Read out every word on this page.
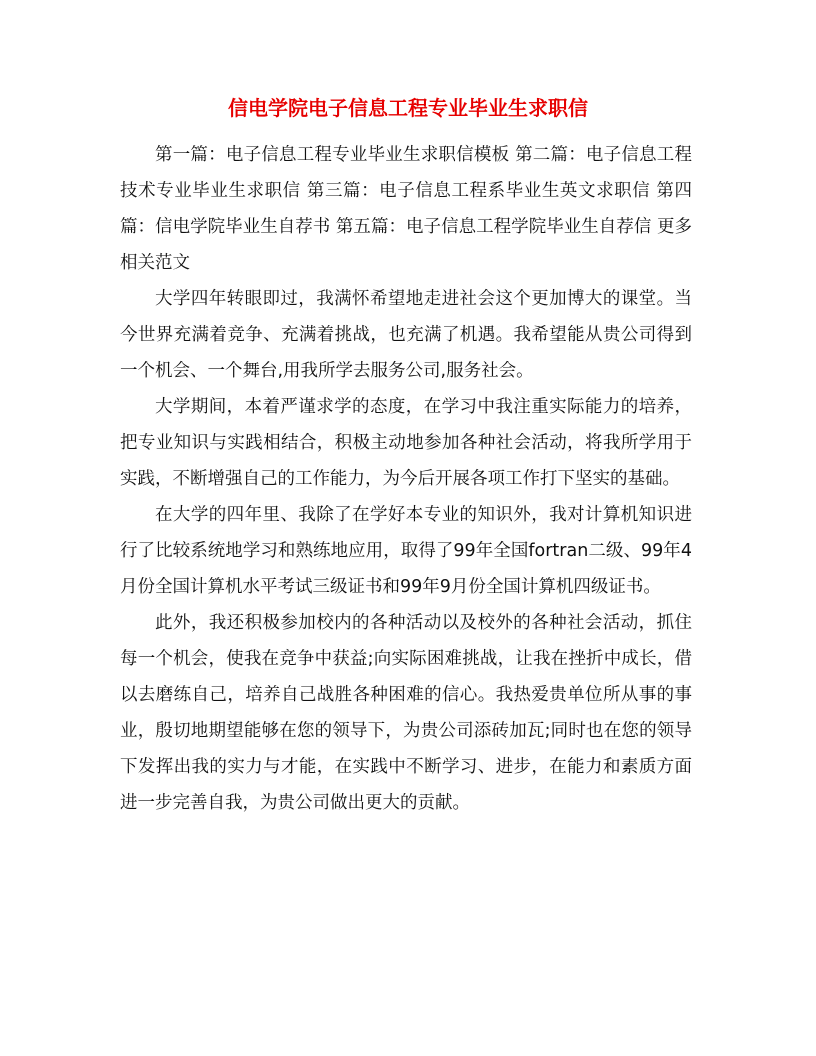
信电学院电子信息工程专业毕业生求职信

第一篇：电子信息工程专业毕业生求职信模板 第二篇：电子信息工程技术专业毕业生求职信 第三篇：电子信息工程系毕业生英文求职信 第四篇：信电学院毕业生自荐书 第五篇：电子信息工程学院毕业生自荐信 更多相关范文

大学四年转眼即过，我满怀希望地走进社会这个更加博大的课堂。当今世界充满着竞争、充满着挑战，也充满了机遇。我希望能从贵公司得到一个机会、一个舞台,用我所学去服务公司,服务社会。

大学期间，本着严谨求学的态度，在学习中我注重实际能力的培养，把专业知识与实践相结合，积极主动地参加各种社会活动，将我所学用于实践，不断增强自己的工作能力，为今后开展各项工作打下坚实的基础。

在大学的四年里、我除了在学好本专业的知识外，我对计算机知识进行了比较系统地学习和熟练地应用，取得了99年全国fortran二级、99年4月份全国计算机水平考试三级证书和99年9月份全国计算机四级证书。

此外，我还积极参加校内的各种活动以及校外的各种社会活动，抓住每一个机会，使我在竞争中获益;向实际困难挑战，让我在挫折中成长，借以去磨练自己，培养自己战胜各种困难的信心。我热爱贵单位所从事的事业，殷切地期望能够在您的领导下，为贵公司添砖加瓦;同时也在您的领导下发挥出我的实力与才能，在实践中不断学习、进步，在能力和素质方面进一步完善自我，为贵公司做出更大的贡献。
